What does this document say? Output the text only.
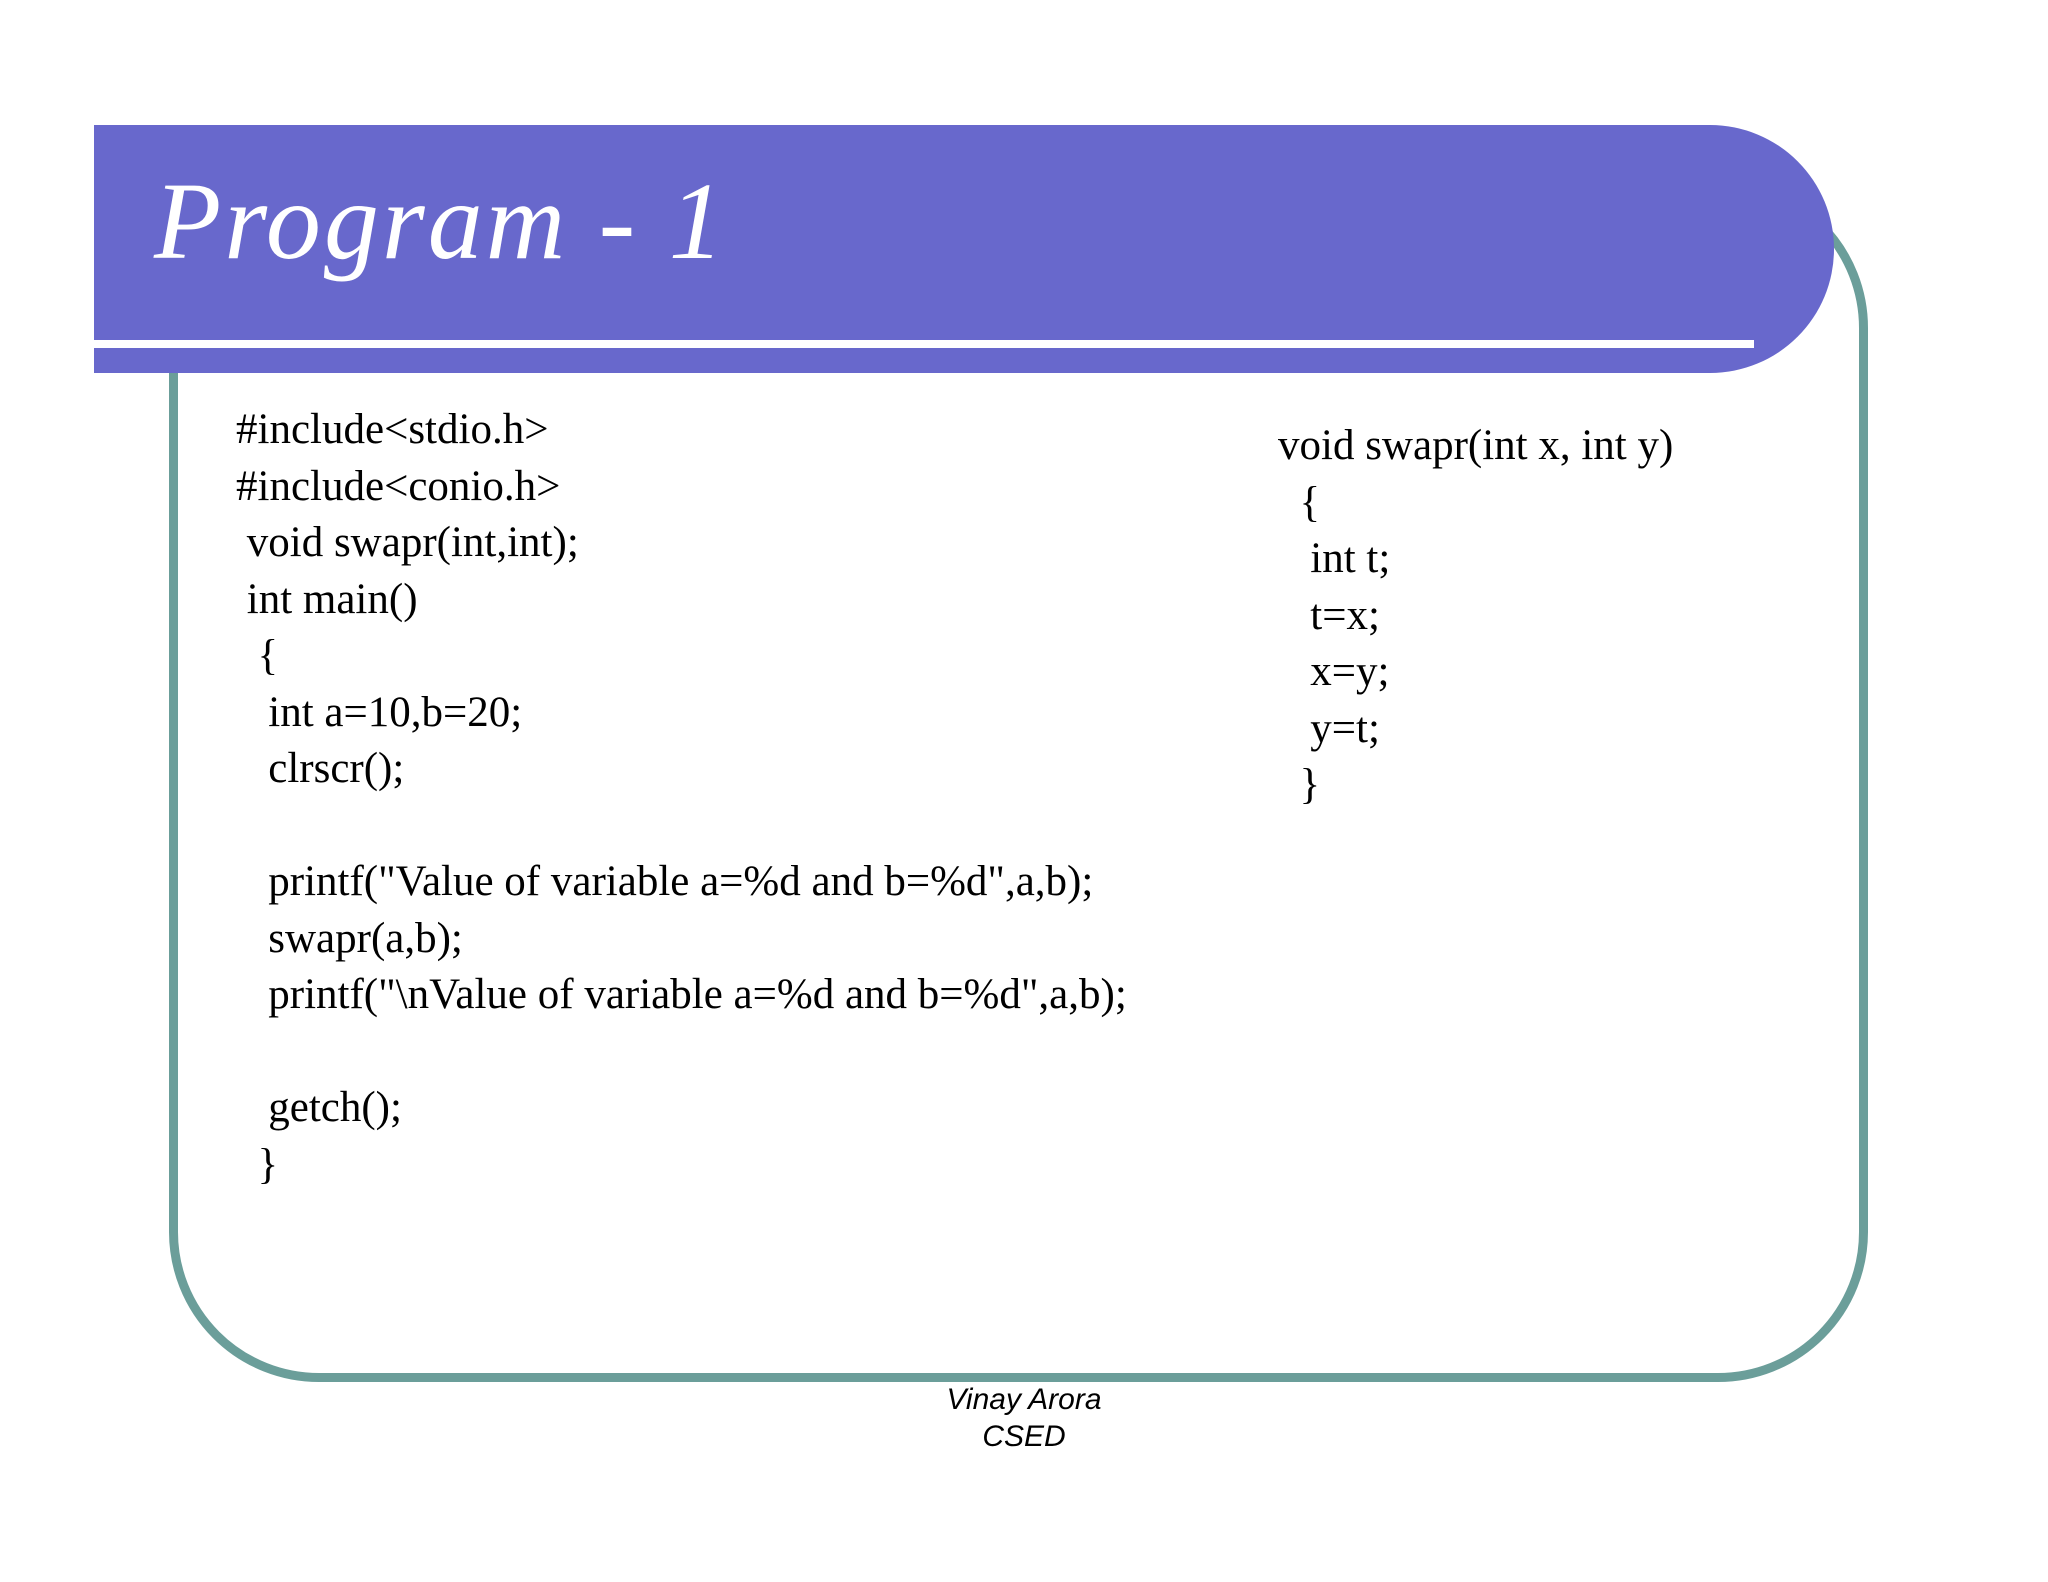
Program - 1
#include<stdio.h>
#include<conio.h>
void swapr(int,int);
int main()
{
int a=10,b=20;
clrscr();
printf("Value of variable a=%d and b=%d",a,b);
swapr(a,b);
printf("\nValue of variable a=%d and b=%d",a,b);
getch();
}
void swapr(int x, int y)
{
int t;
t=x;
x=y;
y=t;
}
Vinay Arora
CSED
